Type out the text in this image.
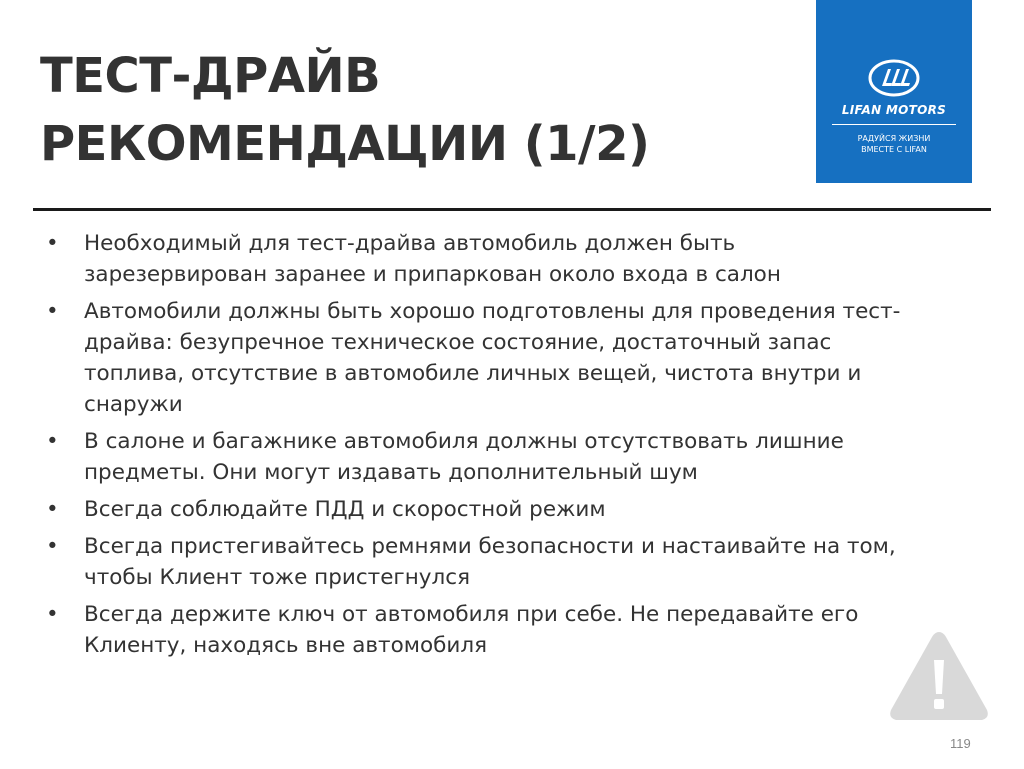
ТЕСТ-ДРАЙВ
РЕКОМЕНДАЦИИ (1/2)
LIFAN MOTORS
РАДУЙСЯ ЖИЗНИ
ВМЕСТЕ С LIFAN
• Необходимый для тест-драйва автомобиль должен быть
зарезервирован заранее и припаркован около входа в салон
• Автомобили должны быть хорошо подготовлены для проведения тест-
драйва: безупречное техническое состояние, достаточный запас
топлива, отсутствие в автомобиле личных вещей, чистота внутри и
снаружи
• В салоне и багажнике автомобиля должны отсутствовать лишние
предметы. Они могут издавать дополнительный шум
• Всегда соблюдайте ПДД и скоростной режим
• Всегда пристегивайтесь ремнями безопасности и настаивайте на том,
чтобы Клиент тоже пристегнулся
• Всегда держите ключ от автомобиля при себе. Не передавайте его
Клиенту, находясь вне автомобиля
119
